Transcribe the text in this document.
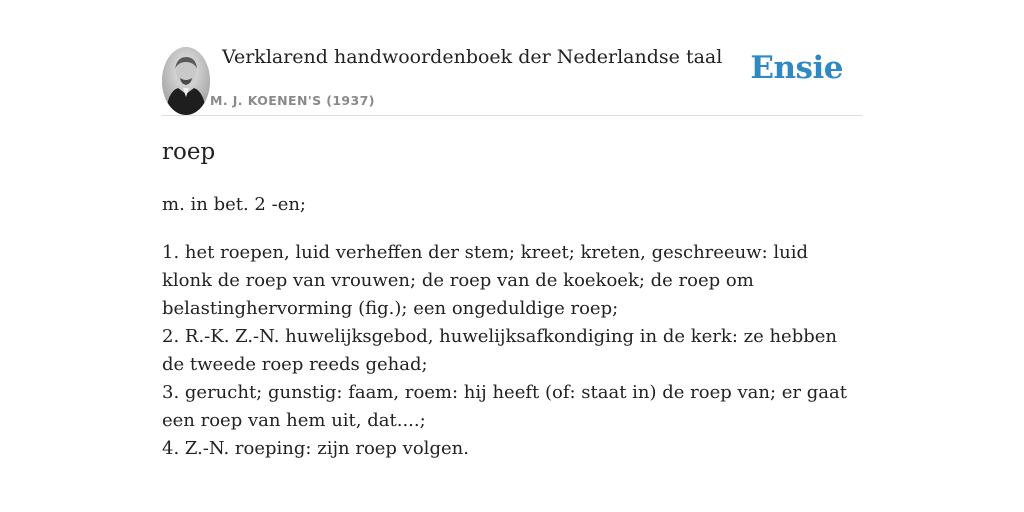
Verklarend handwoordenboek der Nederlandse taal
M. J. KOENEN'S (1937)
Ensie
roep

m. in bet. 2 -en;

1. het roepen, luid verheffen der stem; kreet; kreten, geschreeuw: luid klonk de roep van vrouwen; de roep van de koekoek; de roep om belastinghervorming (fig.); een ongeduldige roep;
2. R.-K. Z.-N. huwelijksgebod, huwelijksafkondiging in de kerk: ze hebben de tweede roep reeds gehad;
3. gerucht; gunstig: faam, roem: hij heeft (of: staat in) de roep van; er gaat een roep van hem uit, dat....;
4. Z.-N. roeping: zijn roep volgen.
